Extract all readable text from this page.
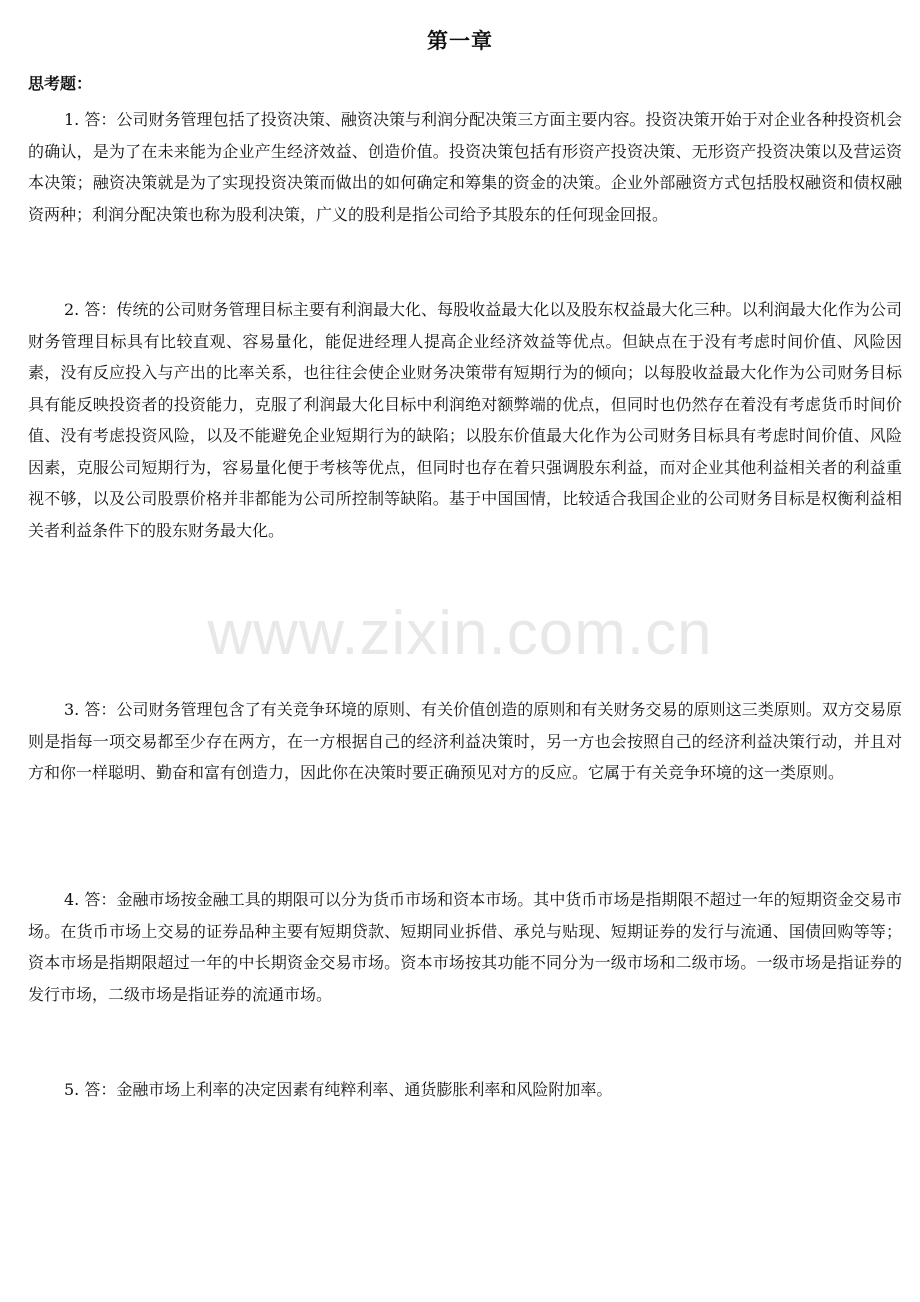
第一章
思考题：

1. 答：公司财务管理包括了投资决策、融资决策与利润分配决策三方面主要内容。投资决策开始于对企业各种投资机会的确认，是为了在未来能为企业产生经济效益、创造价值。投资决策包括有形资产投资决策、无形资产投资决策以及营运资本决策；融资决策就是为了实现投资决策而做出的如何确定和筹集的资金的决策。企业外部融资方式包括股权融资和债权融资两种；利润分配决策也称为股利决策，广义的股利是指公司给予其股东的任何现金回报。

2. 答：传统的公司财务管理目标主要有利润最大化、每股收益最大化以及股东权益最大化三种。以利润最大化作为公司财务管理目标具有比较直观、容易量化，能促进经理人提高企业经济效益等优点。但缺点在于没有考虑时间价值、风险因素，没有反应投入与产出的比率关系，也往往会使企业财务决策带有短期行为的倾向；以每股收益最大化作为公司财务目标具有能反映投资者的投资能力，克服了利润最大化目标中利润绝对额弊端的优点，但同时也仍然存在着没有考虑货币时间价值、没有考虑投资风险，以及不能避免企业短期行为的缺陷；以股东价值最大化作为公司财务目标具有考虑时间价值、风险因素，克服公司短期行为，容易量化便于考核等优点，但同时也存在着只强调股东利益，而对企业其他利益相关者的利益重视不够，以及公司股票价格并非都能为公司所控制等缺陷。基于中国国情，比较适合我国企业的公司财务目标是权衡利益相关者利益条件下的股东财务最大化。

3. 答：公司财务管理包含了有关竞争环境的原则、有关价值创造的原则和有关财务交易的原则这三类原则。双方交易原则是指每一项交易都至少存在两方，在一方根据自己的经济利益决策时，另一方也会按照自己的经济利益决策行动，并且对方和你一样聪明、勤奋和富有创造力，因此你在决策时要正确预见对方的反应。它属于有关竞争环境的这一类原则。

4. 答：金融市场按金融工具的期限可以分为货币市场和资本市场。其中货币市场是指期限不超过一年的短期资金交易市场。在货币市场上交易的证券品种主要有短期贷款、短期同业拆借、承兑与贴现、短期证券的发行与流通、国债回购等等；资本市场是指期限超过一年的中长期资金交易市场。资本市场按其功能不同分为一级市场和二级市场。一级市场是指证券的发行市场，二级市场是指证券的流通市场。

5. 答：金融市场上利率的决定因素有纯粹利率、通货膨胀利率和风险附加率。

www.zixin.com.cn
